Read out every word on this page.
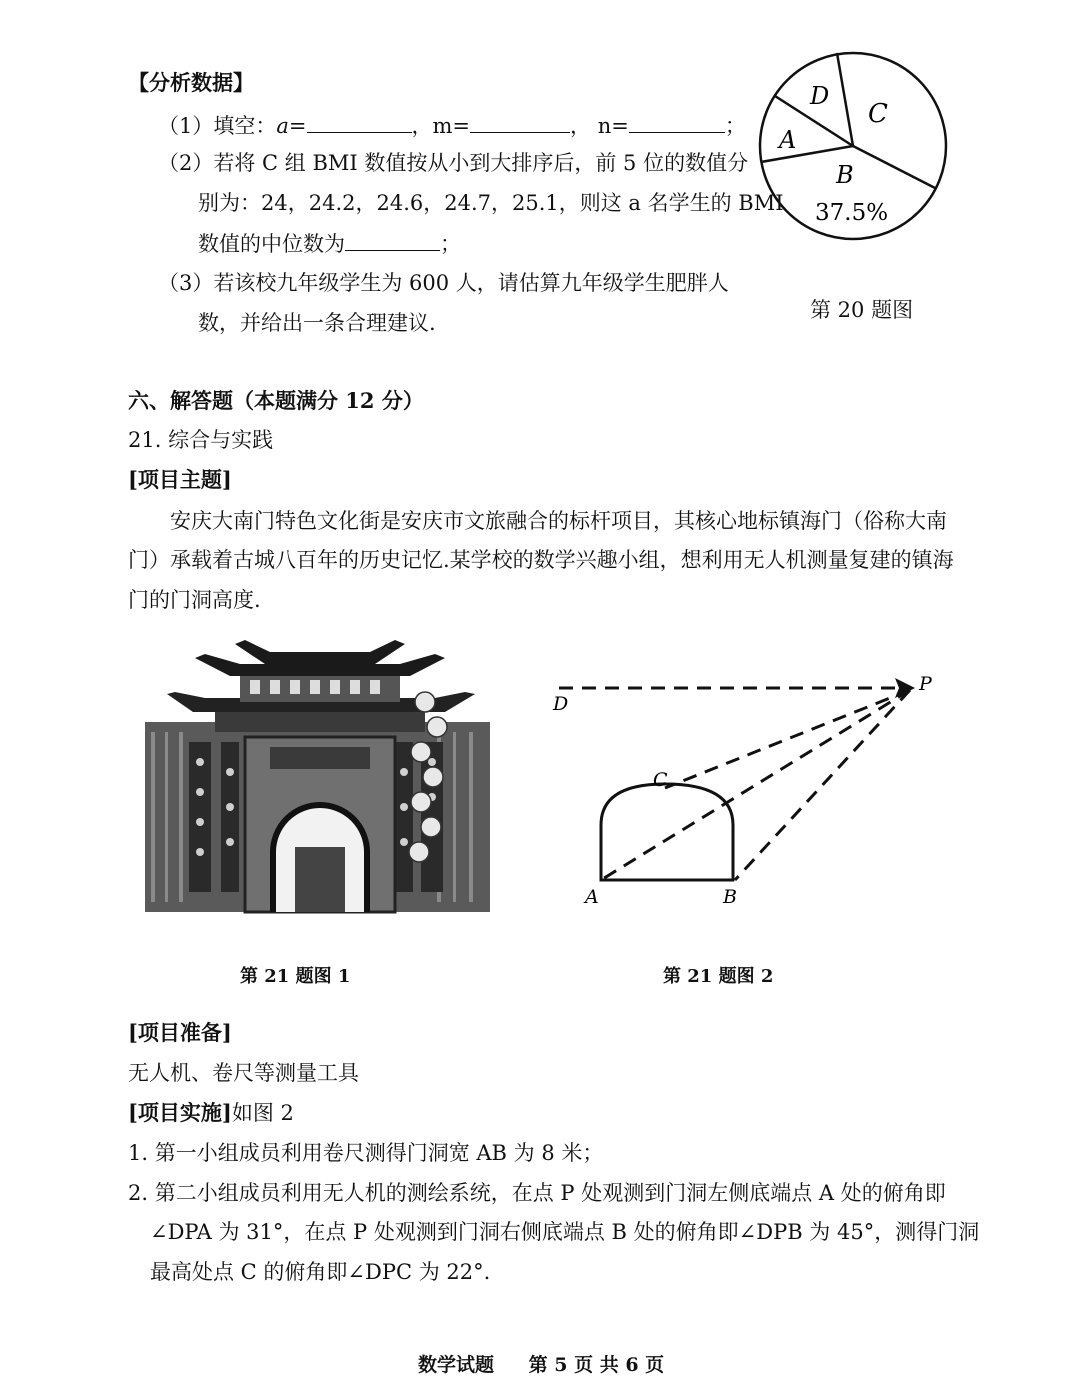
【分析数据】
（1）填空：a=	，m=	， n=	；
（2）若将 C 组 BMI 数值按从小到大排序后，前 5 位的数值分
别为：24，24.2，24.6，24.7，25.1，则这 a 名学生的 BMI
数值的中位数为	；
（3）若该校九年级学生为 600 人，请估算九年级学生肥胖人
数，并给出一条合理建议.
D
C
A
B
37.5%
第 20 题图
六、解答题（本题满分 12 分）
21. 综合与实践
[项目主题]
安庆大南门特色文化街是安庆市文旅融合的标杆项目，其核心地标镇海门（俗称大南
门）承载着古城八百年的历史记忆.某学校的数学兴趣小组，想利用无人机测量复建的镇海
门的门洞高度.
第 21 题图 1
D
P
C
A	B
第 21 题图 2
[项目准备]
无人机、卷尺等测量工具
[项目实施]如图 2
1. 第一小组成员利用卷尺测得门洞宽 AB 为 8 米；
2. 第二小组成员利用无人机的测绘系统，在点 P 处观测到门洞左侧底端点 A 处的俯角即
∠DPA 为 31°，在点 P 处观测到门洞右侧底端点 B 处的俯角即∠DPB 为 45°，测得门洞
最高处点 C 的俯角即∠DPC 为 22°.
数学试题 第 5 页 共 6 页
